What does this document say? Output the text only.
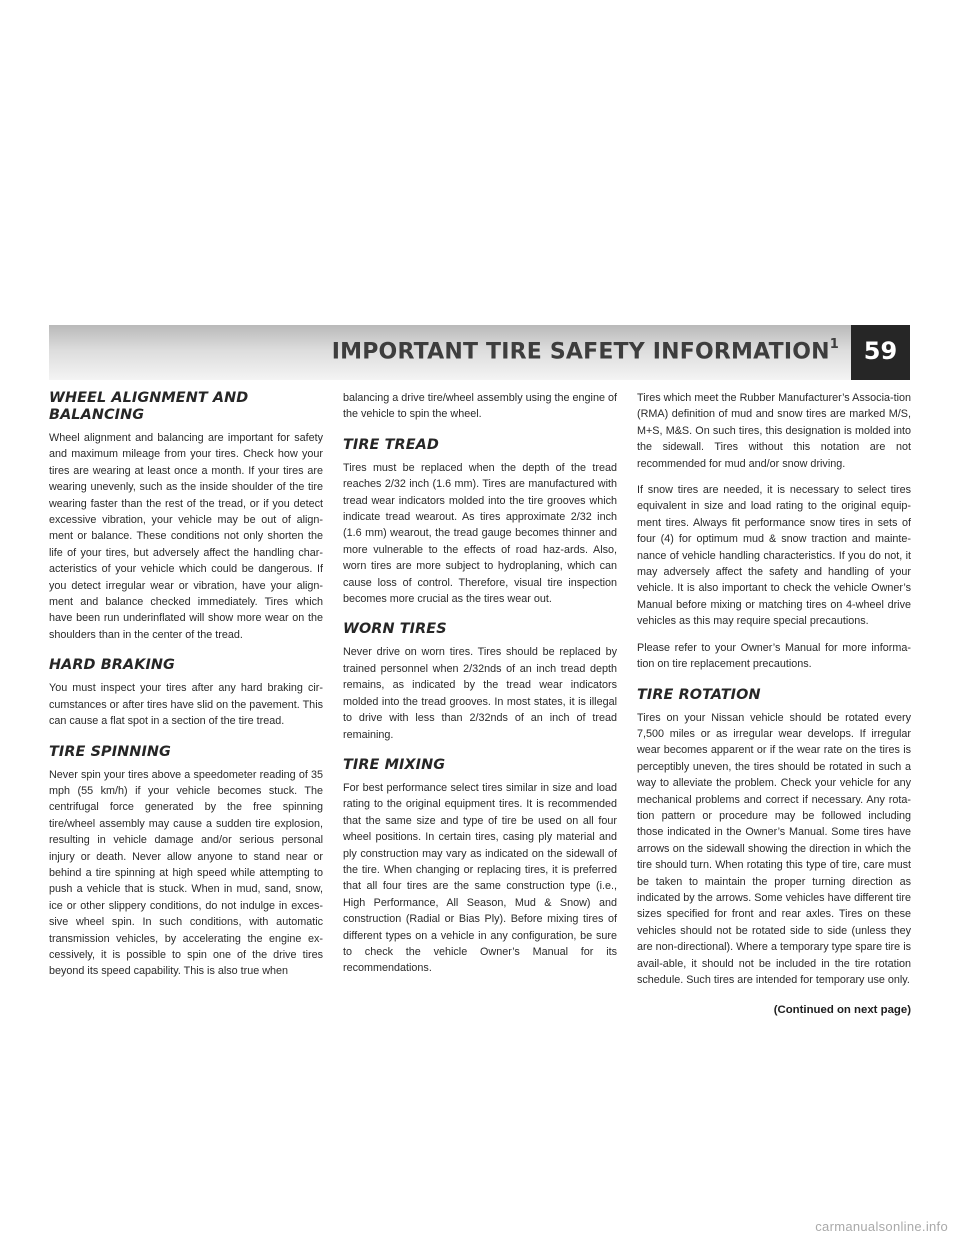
IMPORTANT TIRE SAFETY INFORMATION$^1$	59
WHEEL ALIGNMENT AND BALANCING

Wheel alignment and balancing are important for safety and maximum mileage from your tires. Check how your tires are wearing at least once a month. If your tires are wearing unevenly, such as the inside shoulder of the tire wearing faster than the rest of the tread, or if you detect excessive vibration, your vehicle may be out of align-ment or balance. These conditions not only shorten the life of your tires, but adversely affect the handling char-acteristics of your vehicle which could be dangerous. If you detect irregular wear or vibration, have your align-ment and balance checked immediately. Tires which have been run underinflated will show more wear on the shoulders than in the center of the tread.

HARD BRAKING

You must inspect your tires after any hard braking cir-cumstances or after tires have slid on the pavement. This can cause a flat spot in a section of the tire tread.

TIRE SPINNING

Never spin your tires above a speedometer reading of 35 mph (55 km/h) if your vehicle becomes stuck. The centrifugal force generated by the free spinning tire/wheel assembly may cause a sudden tire explosion, resulting in vehicle damage and/or serious personal injury or death. Never allow anyone to stand near or behind a tire spinning at high speed while attempting to push a vehicle that is stuck. When in mud, sand, snow, ice or other slippery conditions, do not indulge in exces-sive wheel spin. In such conditions, with automatic transmission vehicles, by accelerating the engine ex-cessively, it is possible to spin one of the drive tires beyond its speed capability. This is also true when

balancing a drive tire/wheel assembly using the engine of the vehicle to spin the wheel.

TIRE TREAD

Tires must be replaced when the depth of the tread reaches 2/32 inch (1.6 mm). Tires are manufactured with tread wear indicators molded into the tire grooves which indicate tread wearout. As tires approximate 2/32 inch (1.6 mm) wearout, the tread gauge becomes thinner and more vulnerable to the effects of road haz-ards. Also, worn tires are more subject to hydroplaning, which can cause loss of control. Therefore, visual tire inspection becomes more crucial as the tires wear out.

WORN TIRES

Never drive on worn tires. Tires should be replaced by trained personnel when 2/32nds of an inch tread depth remains, as indicated by the tread wear indicators molded into the tread grooves. In most states, it is illegal to drive with less than 2/32nds of an inch of tread remaining.

TIRE MIXING

For best performance select tires similar in size and load rating to the original equipment tires. It is recommended that the same size and type of tire be used on all four wheel positions. In certain tires, casing ply material and ply construction may vary as indicated on the sidewall of the tire. When changing or replacing tires, it is preferred that all four tires are the same construction type (i.e., High Performance, All Season, Mud & Snow) and construction (Radial or Bias Ply). Before mixing tires of different types on a vehicle in any configuration, be sure to check the vehicle Owner’s Manual for its recommendations.

Tires which meet the Rubber Manufacturer’s Associa-tion (RMA) definition of mud and snow tires are marked M/S, M+S, M&S. On such tires, this designation is molded into the sidewall. Tires without this notation are not recommended for mud and/or snow driving.

If snow tires are needed, it is necessary to select tires equivalent in size and load rating to the original equip-ment tires. Always fit performance snow tires in sets of four (4) for optimum mud & snow traction and mainte-nance of vehicle handling characteristics. If you do not, it may adversely affect the safety and handling of your vehicle. It is also important to check the vehicle Owner’s Manual before mixing or matching tires on 4-wheel drive vehicles as this may require special precautions.

Please refer to your Owner’s Manual for more informa-tion on tire replacement precautions.

TIRE ROTATION

Tires on your Nissan vehicle should be rotated every 7,500 miles or as irregular wear develops. If irregular wear becomes apparent or if the wear rate on the tires is perceptibly uneven, the tires should be rotated in such a way to alleviate the problem. Check your vehicle for any mechanical problems and correct if necessary. Any rota-tion pattern or procedure may be followed including those indicated in the Owner’s Manual. Some tires have arrows on the sidewall showing the direction in which the tire should turn. When rotating this type of tire, care must be taken to maintain the proper turning direction as indicated by the arrows. Some vehicles have different tire sizes specified for front and rear axles. Tires on these vehicles should not be rotated side to side (unless they are non-directional). Where a temporary type spare tire is avail-able, it should not be included in the tire rotation schedule. Such tires are intended for temporary use only.

(Continued on next page)
carmanualsonline.info
